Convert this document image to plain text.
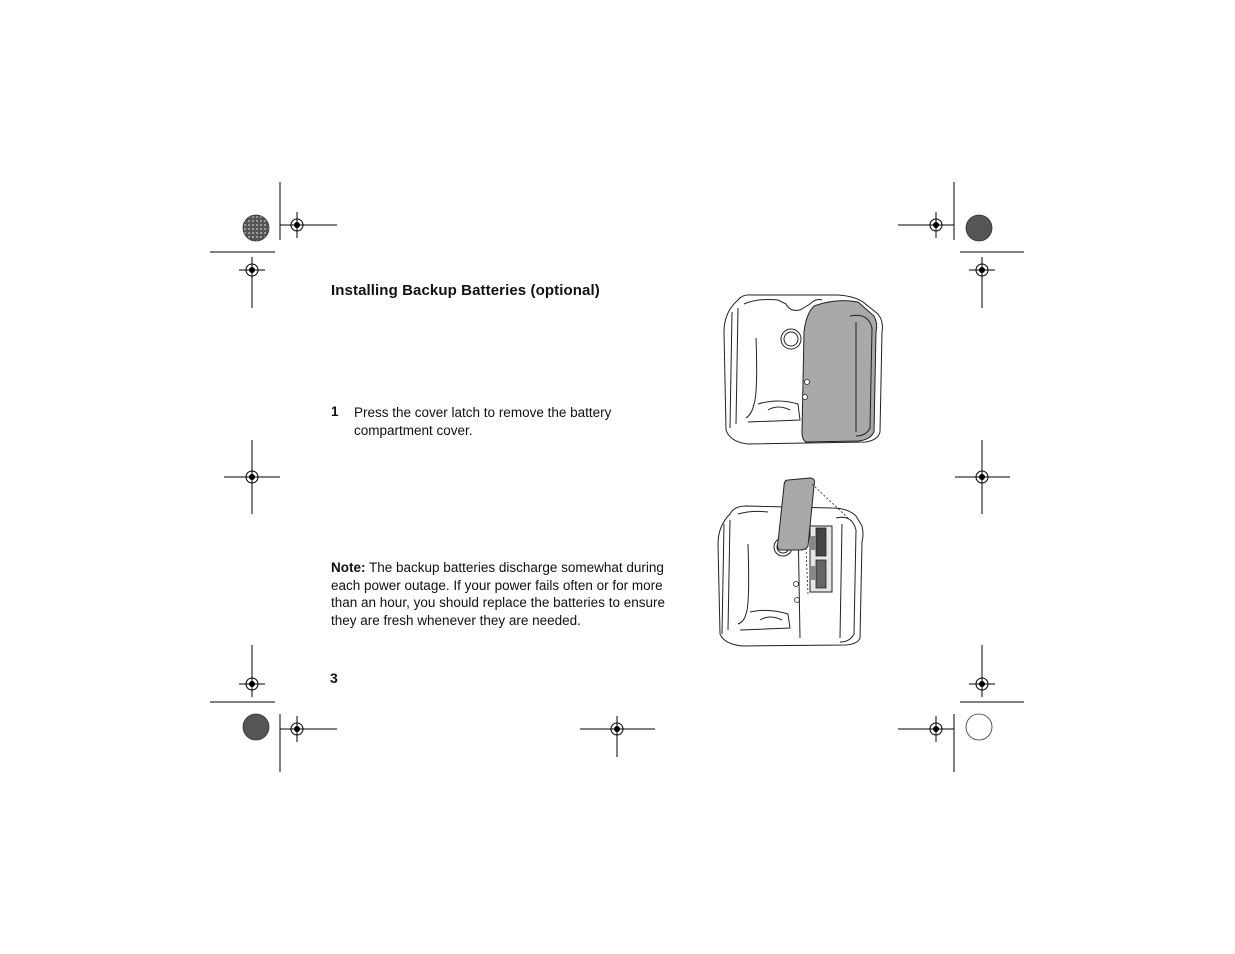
Installing Backup Batteries (optional)
1 Press the cover latch to remove the battery compartment cover.
Note: The backup batteries discharge somewhat during each power outage. If your power fails often or for more than an hour, you should replace the batteries to ensure they are fresh whenever they are needed.
3
